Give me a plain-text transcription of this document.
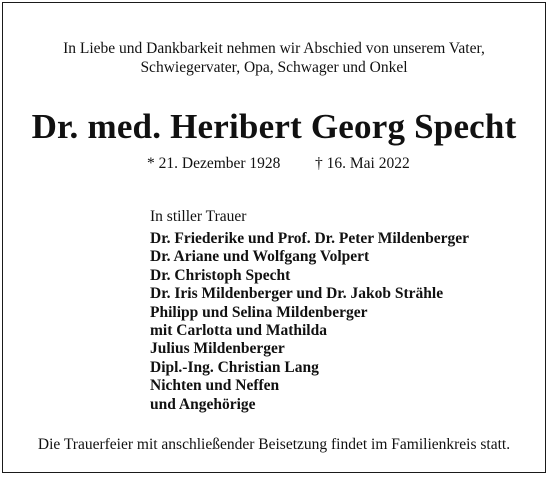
In Liebe und Dankbarkeit nehmen wir Abschied von unserem Vater,
Schwiegervater, Opa, Schwager und Onkel
Dr. med. Heribert Georg Specht
* 21. Dezember 1928 † 16. Mai 2022
In stiller Trauer
Dr. Friederike und Prof. Dr. Peter Mildenberger
Dr. Ariane und Wolfgang Volpert
Dr. Christoph Specht
Dr. Iris Mildenberger und Dr. Jakob Strähle
Philipp und Selina Mildenberger
mit Carlotta und Mathilda
Julius Mildenberger
Dipl.-Ing. Christian Lang
Nichten und Neffen
und Angehörige
Die Trauerfeier mit anschließender Beisetzung findet im Familienkreis statt.
